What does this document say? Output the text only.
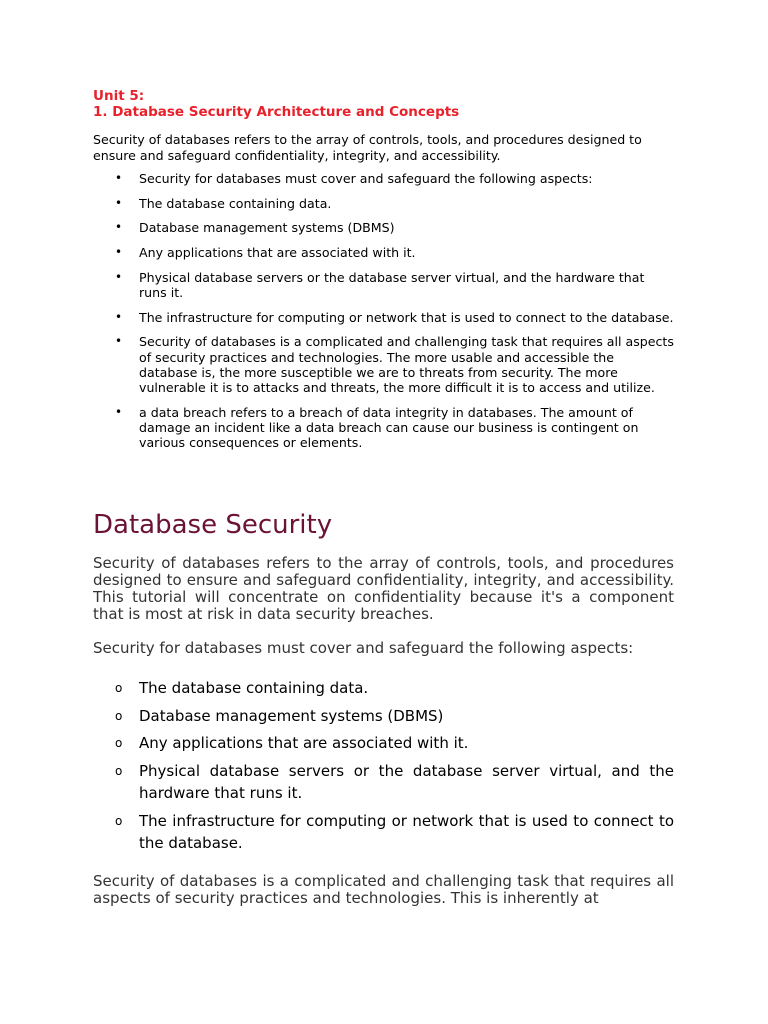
Unit 5:

1. Database Security Architecture and Concepts

Security of databases refers to the array of controls, tools, and procedures designed to ensure and safeguard confidentiality, integrity, and accessibility.

• Security for databases must cover and safeguard the following aspects:
• The database containing data.
• Database management systems (DBMS)
• Any applications that are associated with it.
• Physical database servers or the database server virtual, and the hardware that runs it.
• The infrastructure for computing or network that is used to connect to the database.
• Security of databases is a complicated and challenging task that requires all aspects of security practices and technologies. The more usable and accessible the database is, the more susceptible we are to threats from security. The more vulnerable it is to attacks and threats, the more difficult it is to access and utilize.
• a data breach refers to a breach of data integrity in databases. The amount of damage an incident like a data breach can cause our business is contingent on various consequences or elements.
Database Security

Security of databases refers to the array of controls, tools, and procedures designed to ensure and safeguard confidentiality, integrity, and accessibility. This tutorial will concentrate on confidentiality because it's a component that is most at risk in data security breaches.

Security for databases must cover and safeguard the following aspects:

o The database containing data.
o Database management systems (DBMS)
o Any applications that are associated with it.
o Physical database servers or the database server virtual, and the hardware that runs it.
o The infrastructure for computing or network that is used to connect to the database.

Security of databases is a complicated and challenging task that requires all aspects of security practices and technologies. This is inherently at
